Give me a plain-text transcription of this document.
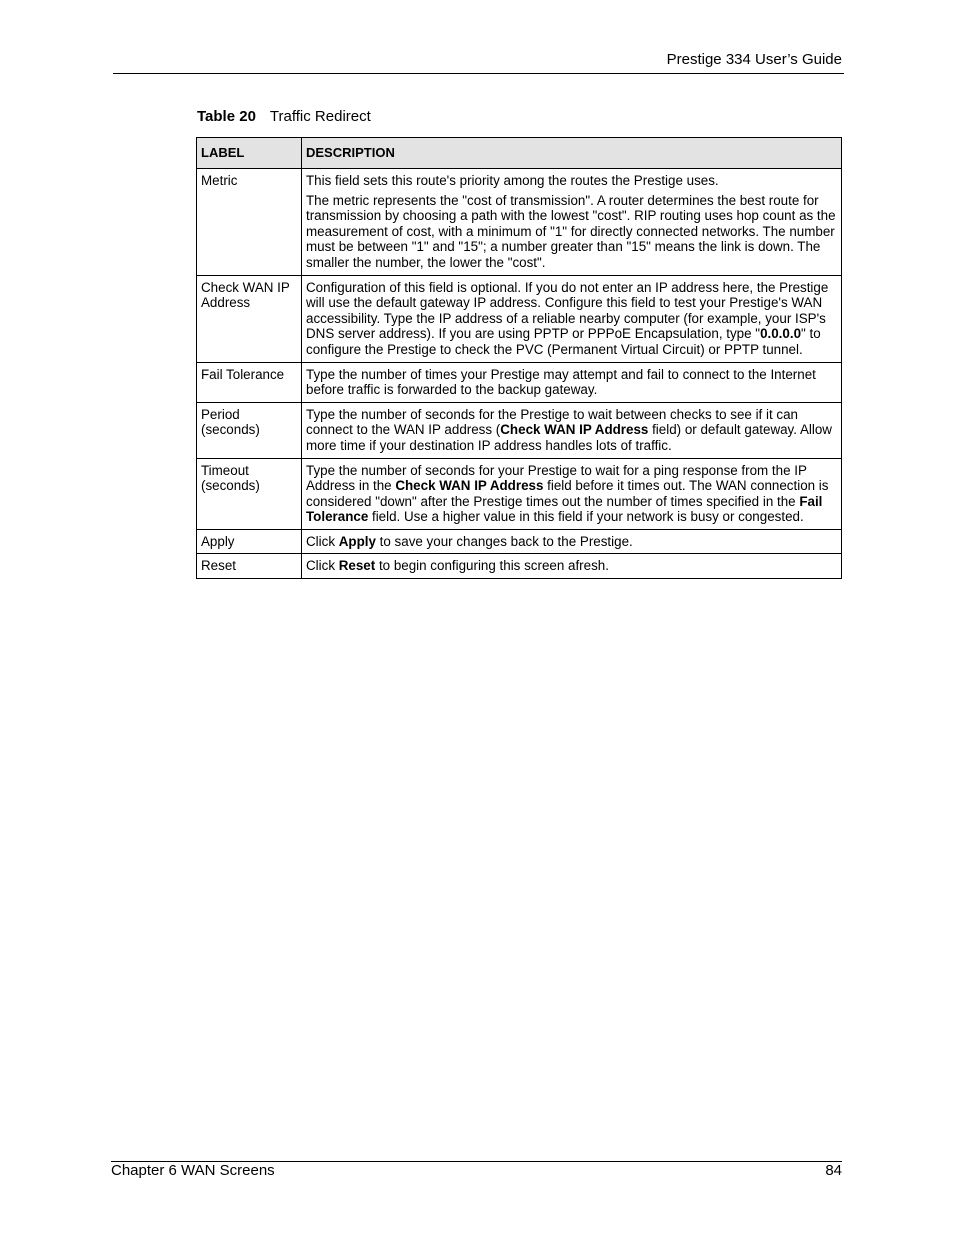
Prestige 334 User’s Guide
Table 20 Traffic Redirect
LABEL	DESCRIPTION
Metric	This field sets this route's priority among the routes the Prestige uses.

The metric represents the "cost of transmission". A router determines the best route for transmission by choosing a path with the lowest "cost". RIP routing uses hop count as the measurement of cost, with a minimum of "1" for directly connected networks. The number must be between "1" and "15"; a number greater than "15" means the link is down. The smaller the number, the lower the "cost".

Check WAN IP Address	Configuration of this field is optional. If you do not enter an IP address here, the Prestige will use the default gateway IP address. Configure this field to test your Prestige's WAN accessibility. Type the IP address of a reliable nearby computer (for example, your ISP's DNS server address). If you are using PPTP or PPPoE Encapsulation, type "0.0.0.0" to configure the Prestige to check the PVC (Permanent Virtual Circuit) or PPTP tunnel.

Fail Tolerance	Type the number of times your Prestige may attempt and fail to connect to the Internet before traffic is forwarded to the backup gateway.

Period (seconds)	Type the number of seconds for the Prestige to wait between checks to see if it can connect to the WAN IP address (Check WAN IP Address field) or default gateway. Allow more time if your destination IP address handles lots of traffic.

Timeout (seconds)	Type the number of seconds for your Prestige to wait for a ping response from the IP Address in the Check WAN IP Address field before it times out. The WAN connection is considered "down" after the Prestige times out the number of times specified in the Fail Tolerance field. Use a higher value in this field if your network is busy or congested.

Apply	Click Apply to save your changes back to the Prestige.

Reset	Click Reset to begin configuring this screen afresh.

Chapter 6 WAN Screens	84
